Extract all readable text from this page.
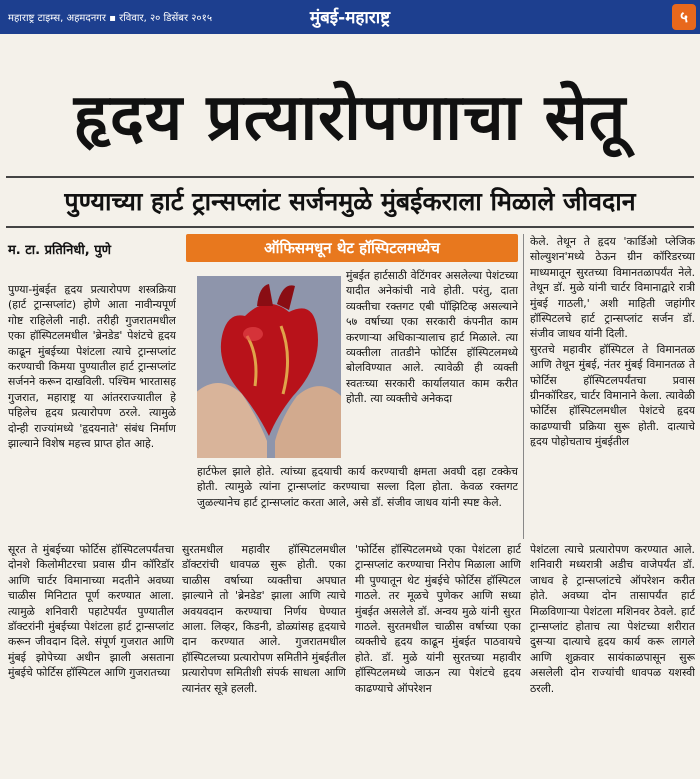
महाराष्ट्र टाइम्स, अहमदनगर ▪ रविवार, २० डिसेंबर २०१५	मुंबई-महाराष्ट्र	५
हृदय प्रत्यारोपणाचा सेतू
पुण्याच्या हार्ट ट्रान्सप्लांट सर्जनमुळे मुंबईकराला मिळाले जीवदान
म. टा. प्रतिनिधी, पुणे
पुण्या-मुंबईत हृदय प्रत्यारोपण शस्त्रक्रिया (हार्ट ट्रान्सप्लांट) होणे आता नावीन्यपूर्ण गोष्ट राहिलेली नाही. तरीही गुजरातमधील एका हॉस्पिटलमधील 'ब्रेनडेड' पेशंटचे हृदय काढून मुंबईच्या पेशंटला त्याचे ट्रान्सप्लांट करण्याची किमया पुण्यातील हार्ट ट्रान्सप्लांट सर्जनने करून दाखविली. पश्चिम भारतासह गुजरात, महाराष्ट्र या आंतरराज्यातील हे पहिलेच हृदय प्रत्यारोपण ठरले. त्यामुळे दोन्ही राज्यांमध्ये 'हृदयनाते' संबंध निर्माण झाल्याने विशेष महत्त्व प्राप्त होत आहे.
ऑफिसमधून थेट हॉस्पिटलमध्येच
मुंबईत हार्टसाठी वेटिंगवर असलेल्या पेशंटच्या यादीत अनेकांची नावे होती. परंतु, दाता व्यक्तीचा रक्तगट एबी पॉझिटिव्ह असल्याने ५७ वर्षाच्या एका सरकारी कंपनीत काम करणाऱ्या अधिकाऱ्यालाच हार्ट मिळाले. त्या व्यक्तीला तातडीने फोर्टिस हॉस्पिटलमध्ये बोलविण्यात आले. त्यावेळी ही व्यक्ती स्वतःच्या सरकारी कार्यालयात काम करीत होती. त्या व्यक्तीचे अनेकदा
हार्टफेल झाले होते. त्यांच्या हृदयाची कार्य करण्याची क्षमता अवघी दहा टक्केच होती. त्यामुळे त्यांना ट्रान्सप्लांट करण्याचा सल्ला दिला होता. केवळ रक्तगट जुळल्यानेच हार्ट ट्रान्सप्लांट करता आले, असे डॉ. संजीव जाधव यांनी स्पष्ट केले.
केले. तेथून ते हृदय 'कार्डिओ प्लेजिक सोल्युशन'मध्ये ठेऊन ग्रीन कॉरिडरच्या माध्यमातून सुरतच्या विमानतळापर्यंत नेले. तेथून डॉ. मुळे यांनी चार्टर विमानाद्वारे रात्री मुंबई गाठली,' अशी माहिती जहांगीर हॉस्पिटलचे हार्ट ट्रान्सप्लांट सर्जन डॉ. संजीव जाधव यांनी दिली.
सुरतचे महावीर हॉस्पिटल ते विमानतळ आणि तेथून मुंबई, नंतर मुंबई विमानतळ ते फोर्टिस हॉस्पिटलपर्यंतचा प्रवास ग्रीनकॉरिडर, चार्टर विमानाने केला. त्यावेळी फोर्टिस हॉस्पिटलमधील पेशंटचे हृदय काढण्याची प्रक्रिया सुरू होती. दात्याचे हृदय पोहोचताच मुंबईतील
सूरत ते मुंबईच्या फोर्टिस हॉस्पिटलपर्यंतचा दोनशे किलोमीटरचा प्रवास ग्रीन कॉरिडॉर आणि चार्टर विमानाच्या मदतीने अवघ्या चाळीस मिनिटात पूर्ण करण्यात आला. त्यामुळे शनिवारी पहाटेपर्यंत पुण्यातील डॉक्टरांनी मुंबईच्या पेशंटला हार्ट ट्रान्सप्लांट करून जीवदान दिले. संपूर्ण गुजरात आणि मुंबई झोपेच्या अधीन झाली असताना मुंबईचे फोर्टिस हॉस्पिटल आणि गुजरातच्या
सुरतमधील महावीर हॉस्पिटलमधील डॉक्टरांची धावपळ सुरू होती. एका चाळीस वर्षाच्या व्यक्तीचा अपघात झाल्याने तो 'ब्रेनडेड' झाला आणि त्याचे अवयवदान करण्याचा निर्णय घेण्यात आला. लिव्हर, किडनी, डोळ्यांसह हृदयाचे दान करण्यात आले. गुजरातमधील हॉस्पिटलच्या प्रत्यारोपण समितीने मुंबईतील प्रत्यारोपण समितीशी संपर्क साधला आणि त्यानंतर सूत्रे हलली.
'फोर्टिस हॉस्पिटलमध्ये एका पेशंटला हार्ट ट्रान्सप्लांट करण्याचा निरोप मिळाला आणि मी पुण्यातून थेट मुंबईचे फोर्टिस हॉस्पिटल गाठले. तर मूळचे पुणेकर आणि सध्या मुंबईत असलेले डॉ. अन्वय मुळे यांनी सुरत गाठले. सुरतमधील चाळीस वर्षाच्या एका व्यक्तीचे हृदय काढून मुंबईत पाठवायचे होते. डॉ. मुळे यांनी सुरतच्या महावीर हॉस्पिटलमध्ये जाऊन त्या पेशंटचे हृदय काढण्याचे ऑपरेशन
पेशंटला त्याचे प्रत्यारोपण करण्यात आले. शनिवारी मध्यरात्री अडीच वाजेपर्यंत डॉ. जाधव हे ट्रान्सप्लांटचे ऑपरेशन करीत होते. अवघ्या दोन तासापर्यंत हार्ट मिळविणाऱ्या पेशंटला मशिनवर ठेवले. हार्ट ट्रान्सप्लांट होताच त्या पेशंटच्या शरीरात दुसऱ्या दात्याचे हृदय कार्य करू लागले आणि शुक्रवार सायंकाळपासून सुरू असलेली दोन राज्यांची धावपळ यशस्वी ठरली.
